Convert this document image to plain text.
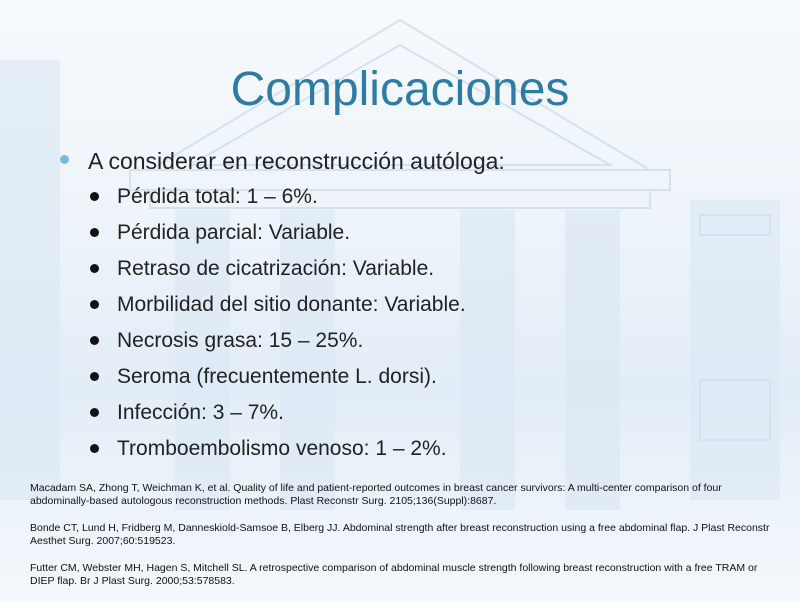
Complicaciones
A considerar en reconstrucción autóloga:
Pérdida total: 1 – 6%.
Pérdida parcial: Variable.
Retraso de cicatrización: Variable.
Morbilidad del sitio donante: Variable.
Necrosis grasa: 15 – 25%.
Seroma (frecuentemente L. dorsi).
Infección: 3 – 7%.
Tromboembolismo venoso: 1 – 2%.

Macadam SA, Zhong T, Weichman K, et al. Quality of life and patient-reported outcomes in breast cancer survivors: A multi-center comparison of four abdominally-based autologous reconstruction methods. Plast Reconstr Surg. 2105;136(Suppl):8687.

Bonde CT, Lund H, Fridberg M, Danneskiold-Samsoe B, Elberg JJ. Abdominal strength after breast reconstruction using a free abdominal flap. J Plast Reconstr Aesthet Surg. 2007;60:519523.

Futter CM, Webster MH, Hagen S, Mitchell SL. A retrospective comparison of abdominal muscle strength following breast reconstruction with a free TRAM or DIEP flap. Br J Plast Surg. 2000;53:578583.
